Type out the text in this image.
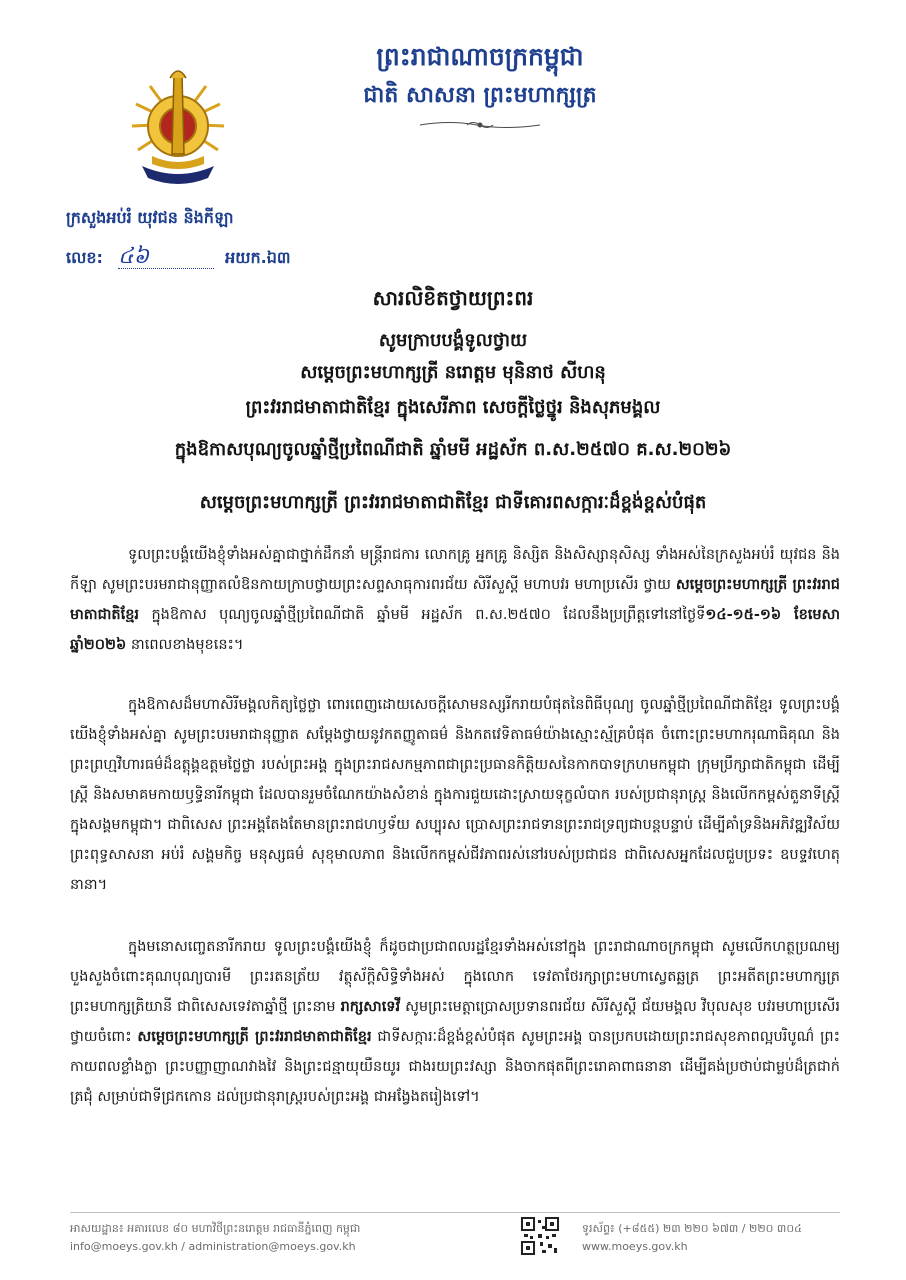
ព្រះរាជាណាចក្រកម្ពុជា
ជាតិ សាសនា ព្រះមហាក្សត្រ
ក្រសួងអប់រំ យុវជន និងកីឡា
លេខ: ៤៦	អយក.ឯ៣
សារលិខិតថ្វាយព្រះពរ
សូមក្រាបបង្គំទូលថ្វាយ
សម្តេចព្រះមហាក្សត្រី នរោត្តម មុនិនាថ សីហនុ
ព្រះវររាជមាតាជាតិខ្មែរ ក្នុងសេរីភាព សេចក្តីថ្លៃថ្នូរ និងសុភមង្គល
ក្នុងឱកាសបុណ្យចូលឆ្នាំថ្មីប្រពៃណីជាតិ ឆ្នាំមមី អដ្ឋស័ក ព.ស.២៥៧០ គ.ស.២០២៦
សម្តេចព្រះមហាក្សត្រី ព្រះវររាជមាតាជាតិខ្មែរ ជាទីគោរពសក្ការៈដ៏ខ្ពង់ខ្ពស់បំផុត
ទូលព្រះបង្គំយើងខ្ញុំទាំងអស់គ្នាជាថ្នាក់ដឹកនាំ មន្ត្រីរាជការ លោកគ្រូ អ្នកគ្រូ និស្សិត និងសិស្សានុសិស្ស ទាំងអស់នៃក្រសួងអប់រំ យុវជន និងកីឡា សូមព្រះបរមរាជានុញ្ញាតលំឱនកាយក្រាបថ្វាយព្រះសព្ទសាធុការពរជ័យ សិរីសួស្តី មហាបវរ មហាប្រសើរ ថ្វាយ សម្តេចព្រះមហាក្សត្រី ព្រះវររាជមាតាជាតិខ្មែរ ក្នុងឱកាស បុណ្យចូលឆ្នាំថ្មីប្រពៃណីជាតិ ឆ្នាំមមី អដ្ឋស័ក ព.ស.២៥៧០ ដែលនឹងប្រព្រឹត្តទៅនៅថ្ងៃទី១៤-១៥-១៦ ខែមេសា ឆ្នាំ២០២៦ នាពេលខាងមុខនេះ។
ក្នុងឱកាសដ៏មហាសិរីមង្គលកិត្យថ្លៃថ្លា ពោរពេញដោយសេចក្តីសោមនស្សរីករាយបំផុតនៃពិធីបុណ្យ ចូលឆ្នាំថ្មីប្រពៃណីជាតិខ្មែរ ទូលព្រះបង្គំយើងខ្ញុំទាំងអស់គ្នា សូមព្រះបរមរាជានុញ្ញាត សម្តែងថ្វាយនូវកតញ្ញូតាធម៌ និងកតវេទិតាធម៌យ៉ាងស្មោះស្ម័គ្របំផុត ចំពោះព្រះមហាករុណាធិគុណ និងព្រះព្រហ្មវិហារធម៌ដ៏ឧត្តុង្គឧត្តមថ្លៃថ្លា របស់ព្រះអង្គ ក្នុងព្រះរាជសកម្មភាពជាព្រះប្រធានកិត្តិយសនៃកាកបាទក្រហមកម្ពុជា ក្រុមប្រឹក្សាជាតិកម្ពុជា ដើម្បីស្ត្រី និងសមាគមកាយឫទ្ធិនារីកម្ពុជា ដែលបានរួមចំណែកយ៉ាងសំខាន់ ក្នុងការជួយដោះស្រាយទុក្ខលំបាក របស់ប្រជានុរាស្ត្រ និងលើកកម្ពស់តួនាទីស្ត្រីក្នុងសង្គមកម្ពុជា។ ជាពិសេស ព្រះអង្គតែងតែមានព្រះរាជហឫទ័យ សប្បុរស ប្រោសព្រះរាជទានព្រះរាជទ្រព្យជាបន្តបន្ទាប់ ដើម្បីគាំទ្រនិងអភិវឌ្ឍវិស័យព្រះពុទ្ធសាសនា អប់រំ សង្គមកិច្ច មនុស្សធម៌ សុខុមាលភាព និងលើកកម្ពស់ជីវភាពរស់នៅរបស់ប្រជាជន ជាពិសេសអ្នកដែលជួបប្រទះ ឧបទ្ទវហេតុនានា។
ក្នុងមនោសញ្ចេតនារីករាយ ទូលព្រះបង្គំយើងខ្ញុំ ក៏ដូចជាប្រជាពលរដ្ឋខ្មែរទាំងអស់នៅក្នុង ព្រះរាជាណាចក្រកម្ពុជា សូមលើកហត្ថប្រណម្យបួងសួងចំពោះគុណបុណ្យបារមី ព្រះរតនត្រ័យ វត្ថុស័ក្តិសិទ្ធិទាំងអស់ ក្នុងលោក ទេវតាថែរក្សាព្រះមហាស្វេតឆ្ឆត្រ ព្រះអតីតព្រះមហាក្សត្រ ព្រះមហាក្សត្រិយានី ជាពិសេសទេវតាឆ្នាំថ្មី ព្រះនាម រាក្សសាទេវី សូមព្រះមេត្តាប្រោសប្រទានពរជ័យ សិរីសួស្តី ជ័យមង្គល វិបុលសុខ បវរមហាប្រសើរ ថ្វាយចំពោះ សម្តេចព្រះមហាក្សត្រី ព្រះវររាជមាតាជាតិខ្មែរ ជាទីសក្ការៈដ៏ខ្ពង់ខ្ពស់បំផុត សូមព្រះអង្គ បានប្រកបដោយព្រះរាជសុខភាពល្អបរិបូណ៌ ព្រះកាយពលខ្លាំងក្លា ព្រះបញ្ញាញាណវាងវៃ និងព្រះជន្មាយុយឺនយូរ ជាងរយព្រះវស្សា និងចាកផុតពីព្រះរោគាពាធនានា ដើម្បីគង់ប្រថាប់ជាម្លប់ដ៏ត្រជាក់ត្រជុំ សម្រាប់ជាទីជ្រកកោន ដល់ប្រជានុរាស្ត្ររបស់ព្រះអង្គ ជាអង្វែងតរៀងទៅ។
អាសយដ្ឋាន៖ អគារលេខ ៨០ មហាវិថីព្រះនរោត្តម រាជធានីភ្នំពេញ កម្ពុជា
info@moeys.gov.kh / administration@moeys.gov.kh
ទូរស័ព្ទ៖ (+៨៥៥) ២៣ ២២០ ៦៧៣ / ២២០ ៣០៤
www.moeys.gov.kh
